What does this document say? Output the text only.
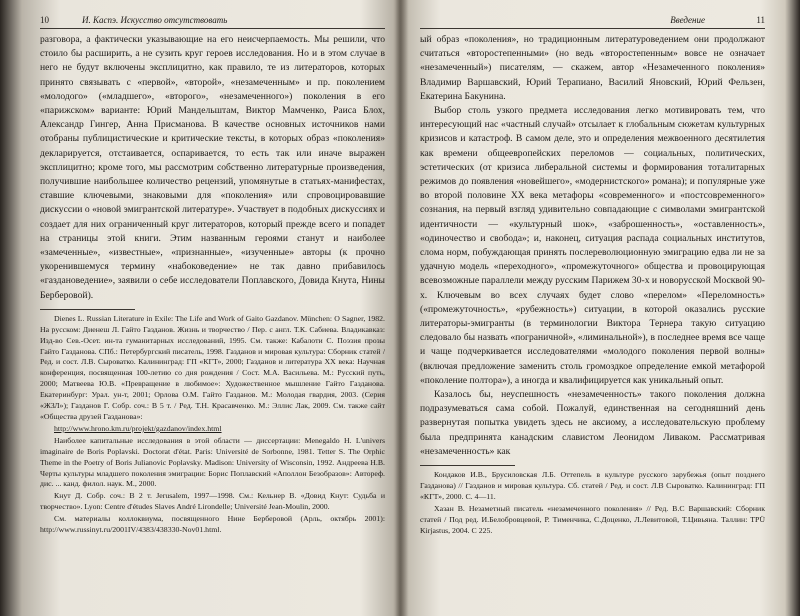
10	И. Каспэ. Искусство отсутствовать

разговора, а фактически указывающие на его неисчерпаемость. Мы решили, что стоило бы расширить, а не сузить круг героев исследования. Но и в этом случае в него не будут включены эксплицитно, как правило, те из литераторов, которых принято связывать с «первой», «второй», «незамеченным» и пр. поколением «молодого» («младшего», «второго», «незамеченного») поколения в его «парижском» варианте: Юрий Мандельштам, Виктор Мамченко, Раиса Блох, Александр Гингер, Анна Присманова. В качестве основных источников нами отобраны публицистические и критические тексты, в которых образ «поколения» декларируется, отстаивается, оспаривается, то есть так или иначе выражен эксплицитно; кроме того, мы рассмотрим собственно литературные произведения, получившие наибольшее количество рецензий, упомянутые в статьях-манифестах, ставшие ключевыми, знаковыми для «поколения» или спровоцировавшие дискуссии о «новой эмигрантской литературе». Участвует в подобных дискуссиях и создает для них ограниченный круг литераторов, который прежде всего и попадет на страницы этой книги. Этим названным героями станут и наиболее «замеченные», «известные», «признанные», «изученные» авторы (к прочно укоренившемуся термину «набоковедение» не так давно прибавилось «газдановедение», заявили о себе исследователи Поплавского, Довида Кнута, Нины Берберовой).

Dienes L. Russian Literature in Exile: The Life and Work of Gaito Gazdanov. München: O Sagner, 1982. На русском: Диенеш Л. Гайто Газданов. Жизнь и творчество / Пер. с англ. Т.К. Сабиева. Владикавказ: Изд-во Сев.-Осет. ин-та гуманитарных исследований, 1995. См. также: Кабалоти С. Поэзия прозы Гайто Газданова. СПб.: Петербургский писатель, 1998. Газданов и мировая культура: Сборник статей / Ред. и сост. Л.В. Сыроватко. Калининград: ГП «КГТ», 2000; Газданов и литература XX века: Научная конференция, посвященная 100-летию со дня рождения / Сост. М.А. Васильева. М.: Русский путь, 2000; Матвеева Ю.В. «Превращение в любимое»: Художественное мышление Гайто Газданова. Екатеринбург: Урал. ун-т, 2001; Орлова О.М. Гайто Газданов. М.: Молодая гвардия, 2003. (Серия «ЖЗЛ»); Газданов Г. Собр. соч.: В 5 т. / Ред. Т.Н. Красавченко. М.: Эллис Лак, 2009. См. также сайт «Общества друзей Газданова»:

http://www.hrono.km.ru/projekt/gazdanov/index.html

Наиболее капитальные исследования в этой области — диссертации: Menegaldo H. L'univers imaginaire de Boris Poplavski. Doctorat d'état. Paris: Université de Sorbonne, 1981. Tetter S. The Orphic Theme in the Poetry of Boris Julianovic Poplavsky. Madison: University of Wisconsin, 1992. Андреева Н.В. Черты культуры младшего поколения эмиграции: Борис Поплавский «Аполлон Безобразов»: Автореф. дис. ... канд. филол. наук. М., 2000.

Кнут Д. Собр. соч.: В 2 т. Jerusalem, 1997—1998. См.: Кельнер В. «Довид Кнут: Судьба и творчество». Lyon: Centre d'études Slaves André Lirondelle; Université Jean-Moulin, 2000.

См. материалы коллоквиума, посвященного Нине Берберовой (Арль, октябрь 2001): http://www.russinyt.ru/2001IV/4383/438330-Nov01.html.

Введение	11

ый образ «поколения», но традиционным литературоведением они продолжают считаться «второстепенными» (но ведь «второстепенным» вовсе не означает «незамеченный») писателям, — скажем, автор «Незамеченного поколения» Владимир Варшавский, Юрий Терапиано, Василий Яновский, Юрий Фельзен, Екатерина Бакунина.

Выбор столь узкого предмета исследования легко мотивировать тем, что интересующий нас «частный случай» отсылает к глобальным сюжетам культурных кризисов и катастроф. В самом деле, это и определения межвоенного десятилетия как времени общеевропейских переломов — социальных, политических, эстетических (от кризиса либеральной системы и формирования тоталитарных режимов до появления «новейшего», «модернистского» романа); и популярные уже во второй половине XX века метафоры «современного» и «постсовременного» сознания, на первый взгляд удивительно совпадающие с символами эмигрантской идентичности — «культурный шок», «заброшенность», «оставленность», «одиночество и свобода»; и, наконец, ситуация распада социальных институтов, слома норм, побуждающая принять послереволюционную эмиграцию едва ли не за удачную модель «переходного», «промежуточного» общества и провоцирующая всевозможные параллели между русским Парижем 30-х и новорусской Москвой 90-х. Ключевым во всех случаях будет слово «перелом» «Переломность» («промежуточность», «рубежность») ситуации, в которой оказались русские литераторы-эмигранты (в терминологии Виктора Тернера такую ситуацию следовало бы назвать «пограничной», «лиминальной»), в последнее время все чаще и чаще подчеркивается исследователями «молодого поколения первой волны» (включая предложение заменить столь громоздкое определение емкой метафорой «поколение полтора»), а иногда и квалифицируется как уникальный опыт.

Казалось бы, неуспешность «незамеченность» такого поколения должна подразумеваться сама собой. Пожалуй, единственная на сегодняшний день развернутая попытка увидеть здесь не аксиому, а исследовательскую проблему была предпринята канадским славистом Леонидом Ливаком. Рассматривая «незамеченность» как

Кондаков И.В., Брусиловская Л.Б. Оттепель в культуре русского зарубежья (опыт позднего Газданова) // Газданов и мировая культура. Сб. статей / Ред. и сост. Л.В Сыроватко. Калининград: ГП «КГТ», 2000. С. 4—11.

Хазан В. Незаметный писатель «незамеченного поколения» // Ред. В.С Варшавский: Сборник статей / Под ред. И.Белобровцевой, Р. Тименчика, С.Доценко, Л.Левитовой, Т.Цивьяна. Таллин: TPÜ Kirjastus, 2004. С 225.
